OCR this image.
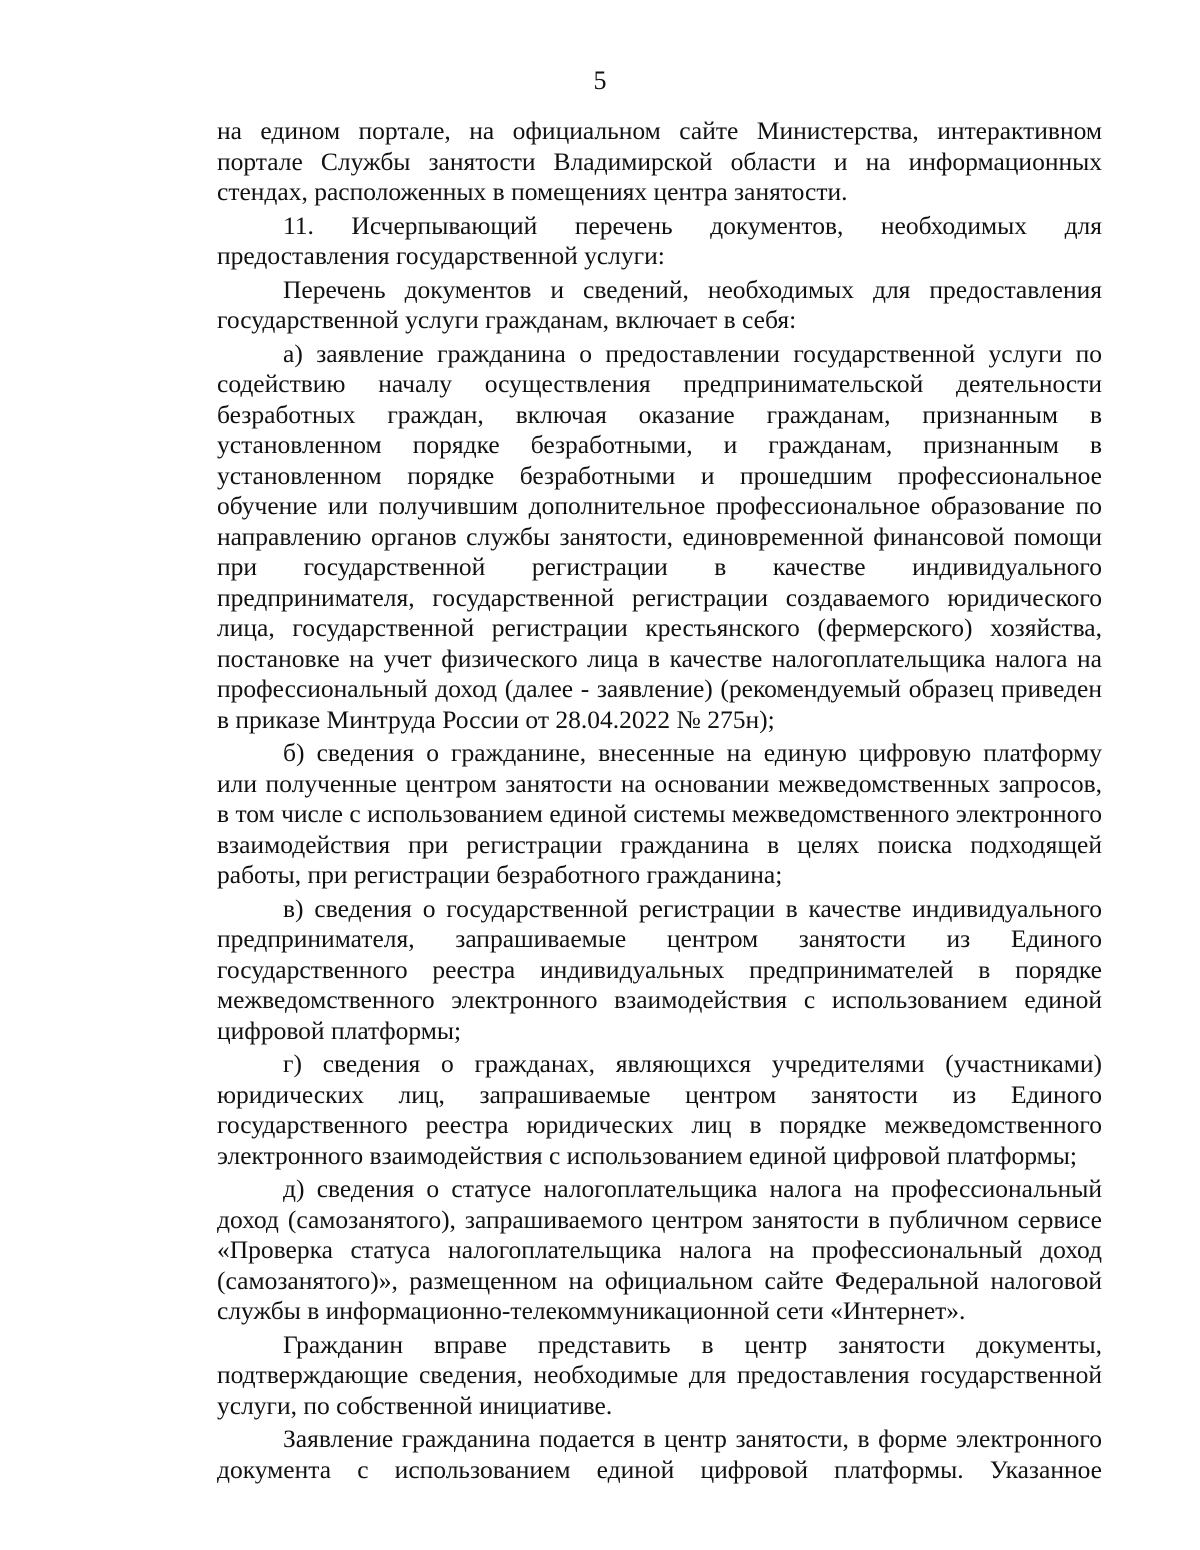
5

на едином портале, на официальном сайте Министерства, интерактивном портале Службы занятости Владимирской области и на информационных стендах, расположенных в помещениях центра занятости.

11. Исчерпывающий перечень документов, необходимых для предоставления государственной услуги:

Перечень документов и сведений, необходимых для предоставления государственной услуги гражданам, включает в себя:

а) заявление гражданина о предоставлении государственной услуги по содействию началу осуществления предпринимательской деятельности безработных граждан, включая оказание гражданам, признанным в установленном порядке безработными, и гражданам, признанным в установленном порядке безработными и прошедшим профессиональное обучение или получившим дополнительное профессиональное образование по направлению органов службы занятости, единовременной финансовой помощи при государственной регистрации в качестве индивидуального предпринимателя, государственной регистрации создаваемого юридического лица, государственной регистрации крестьянского (фермерского) хозяйства, постановке на учет физического лица в качестве налогоплательщика налога на профессиональный доход (далее - заявление) (рекомендуемый образец приведен в приказе Минтруда России от 28.04.2022 № 275н);

б) сведения о гражданине, внесенные на единую цифровую платформу или полученные центром занятости на основании межведомственных запросов, в том числе с использованием единой системы межведомственного электронного взаимодействия при регистрации гражданина в целях поиска подходящей работы, при регистрации безработного гражданина;

в) сведения о государственной регистрации в качестве индивидуального предпринимателя, запрашиваемые центром занятости из Единого государственного реестра индивидуальных предпринимателей в порядке межведомственного электронного взаимодействия с использованием единой цифровой платформы;

г) сведения о гражданах, являющихся учредителями (участниками) юридических лиц, запрашиваемые центром занятости из Единого государственного реестра юридических лиц в порядке межведомственного электронного взаимодействия с использованием единой цифровой платформы;

д) сведения о статусе налогоплательщика налога на профессиональный доход (самозанятого), запрашиваемого центром занятости в публичном сервисе «Проверка статуса налогоплательщика налога на профессиональный доход (самозанятого)», размещенном на официальном сайте Федеральной налоговой службы в информационно-телекоммуникационной сети «Интернет».

Гражданин вправе представить в центр занятости документы, подтверждающие сведения, необходимые для предоставления государственной услуги, по собственной инициативе.

Заявление гражданина подается в центр занятости, в форме электронного документа с использованием единой цифровой платформы. Указанное
